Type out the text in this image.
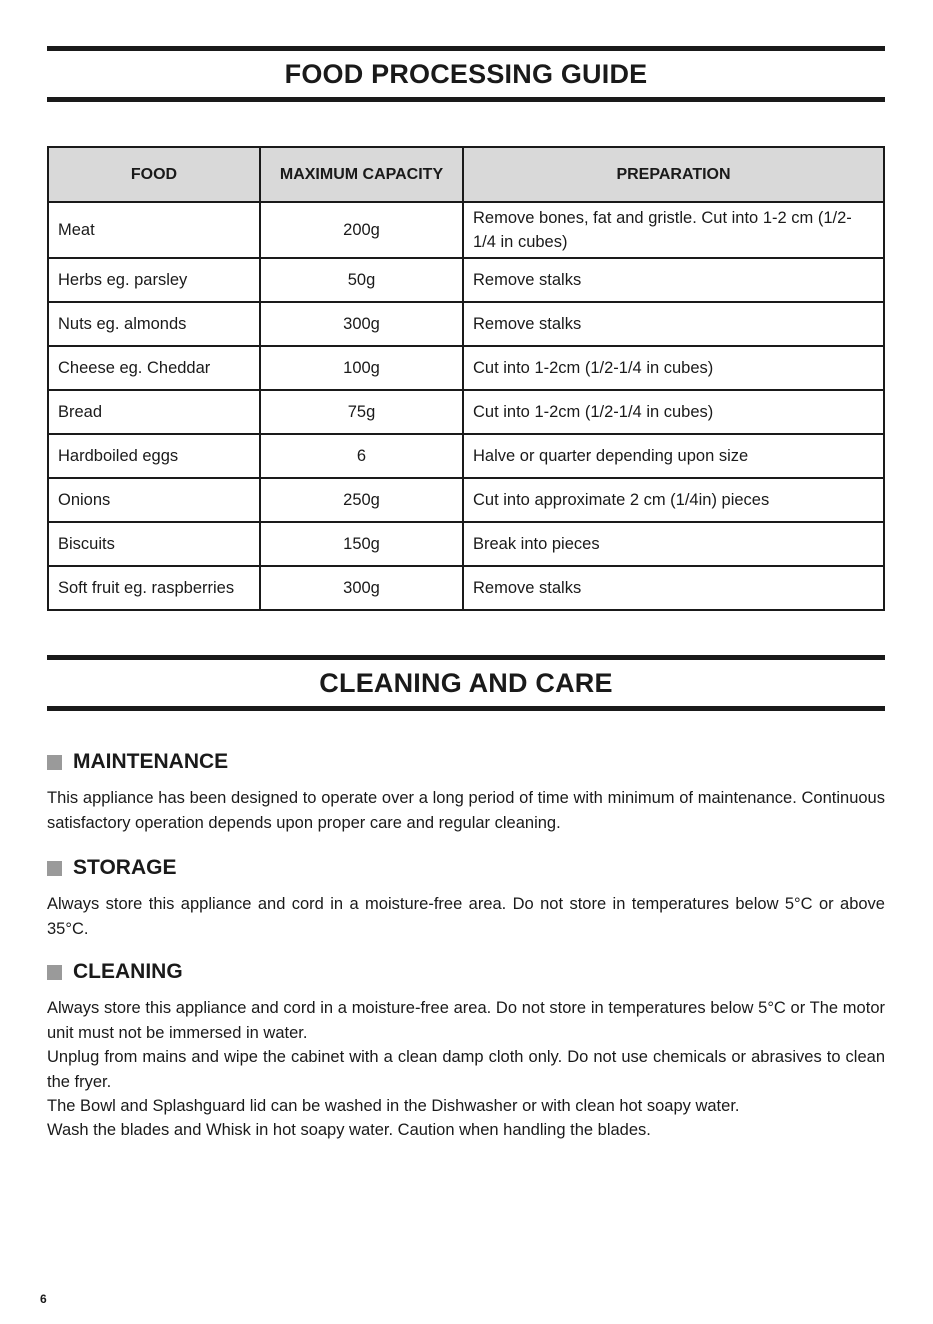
FOOD PROCESSING GUIDE
FOOD	MAXIMUM CAPACITY	PREPARATION
Meat	200g	Remove bones, fat and gristle. Cut into 1-2 cm (1/2-1/4 in cubes)
Herbs eg. parsley	50g	Remove stalks
Nuts eg. almonds	300g	Remove stalks
Cheese eg. Cheddar	100g	Cut into 1-2cm (1/2-1/4 in cubes)
Bread	75g	Cut into 1-2cm (1/2-1/4 in cubes)
Hardboiled eggs	6	Halve or quarter depending upon size
Onions	250g	Cut into approximate 2 cm (1/4in) pieces
Biscuits	150g	Break into pieces
Soft fruit eg. raspberries	300g	Remove stalks
CLEANING AND CARE
MAINTENANCE

This appliance has been designed to operate over a long period of time with minimum of maintenance. Continuous satisfactory operation depends upon proper care and regular cleaning.

STORAGE

Always store this appliance and cord in a moisture-free area. Do not store in temperatures below 5°C or above 35°C.

CLEANING

Always store this appliance and cord in a moisture-free area. Do not store in temperatures below 5°C or The motor unit must not be immersed in water.

Unplug from mains and wipe the cabinet with a clean damp cloth only. Do not use chemicals or abrasives to clean the fryer.

The Bowl and Splashguard lid can be washed in the Dishwasher or with clean hot soapy water.

Wash the blades and Whisk in hot soapy water. Caution when handling the blades.

6
